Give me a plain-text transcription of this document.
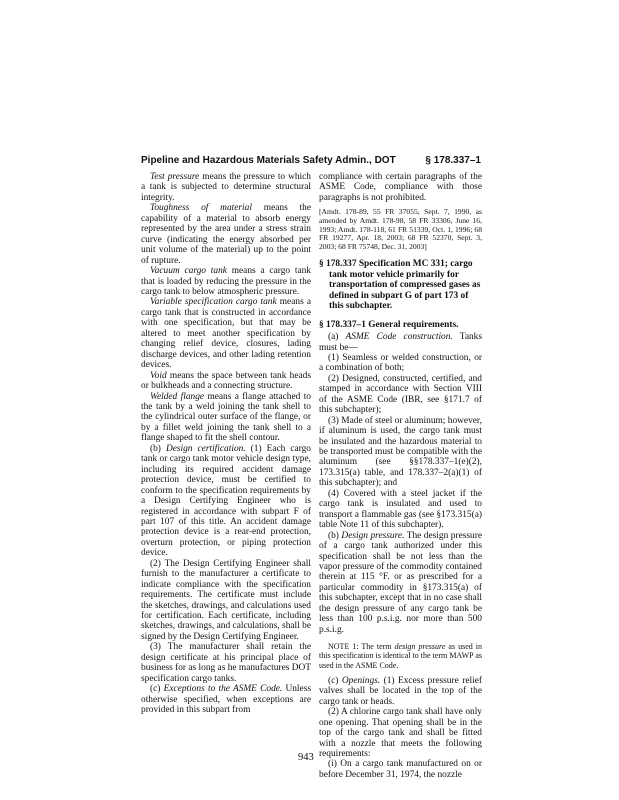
Pipeline and Hazardous Materials Safety Admin., DOT	§ 178.337–1

Test pressure means the pressure to which a tank is subjected to determine structural integrity.

Toughness of material means the capability of a material to absorb energy represented by the area under a stress strain curve (indicating the energy absorbed per unit volume of the material) up to the point of rupture.

Vacuum cargo tank means a cargo tank that is loaded by reducing the pressure in the cargo tank to below atmospheric pressure.

Variable specification cargo tank means a cargo tank that is constructed in accordance with one specification, but that may be altered to meet another specification by changing relief device, closures, lading discharge devices, and other lading retention devices.

Void means the space between tank heads or bulkheads and a connecting structure.

Welded flange means a flange attached to the tank by a weld joining the tank shell to the cylindrical outer surface of the flange, or by a fillet weld joining the tank shell to a flange shaped to fit the shell contour.

(b) Design certification. (1) Each cargo tank or cargo tank motor vehicle design type, including its required accident damage protection device, must be certified to conform to the specification requirements by a Design Certifying Engineer who is registered in accordance with subpart F of part 107 of this title. An accident damage protection device is a rear-end protection, overturn protection, or piping protection device.

(2) The Design Certifying Engineer shall furnish to the manufacturer a certificate to indicate compliance with the specification requirements. The certificate must include the sketches, drawings, and calculations used for certification. Each certificate, including sketches, drawings, and calculations, shall be signed by the Design Certifying Engineer.

(3) The manufacturer shall retain the design certificate at his principal place of business for as long as he manufactures DOT specification cargo tanks.

(c) Exceptions to the ASME Code. Unless otherwise specified, when exceptions are provided in this subpart from

compliance with certain paragraphs of the ASME Code, compliance with those paragraphs is not prohibited.

[Amdt. 178-89, 55 FR 37055, Sept. 7, 1990, as amended by Amdt. 178-98, 58 FR 33306, June 16, 1993; Amdt. 178-118, 61 FR 51339, Oct. 1, 1996; 68 FR 19277, Apr. 18, 2003; 68 FR 52370, Sept. 3, 2003; 68 FR 75748, Dec. 31, 2003]

§ 178.337 Specification MC 331; cargo tank motor vehicle primarily for transportation of compressed gases as defined in subpart G of part 173 of this subchapter.

§ 178.337–1 General requirements.

(a) ASME Code construction. Tanks must be—

(1) Seamless or welded construction, or a combination of both;

(2) Designed, constructed, certified, and stamped in accordance with Section VIII of the ASME Code (IBR, see §171.7 of this subchapter);

(3) Made of steel or aluminum; however, if aluminum is used, the cargo tank must be insulated and the hazardous material to be transported must be compatible with the aluminum (see §§178.337–1(e)(2), 173.315(a) table, and 178.337–2(a)(1) of this subchapter); and

(4) Covered with a steel jacket if the cargo tank is insulated and used to transport a flammable gas (see §173.315(a) table Note 11 of this subchapter).

(b) Design pressure. The design pressure of a cargo tank authorized under this specification shall be not less than the vapor pressure of the commodity contained therein at 115 °F. or as prescribed for a particular commodity in §173.315(a) of this subchapter, except that in no case shall the design pressure of any cargo tank be less than 100 p.s.i.g. nor more than 500 p.s.i.g.

NOTE 1: The term design pressure as used in this specification is identical to the term MAWP as used in the ASME Code.

(c) Openings. (1) Excess pressure relief valves shall be located in the top of the cargo tank or heads.

(2) A chlorine cargo tank shall have only one opening. That opening shall be in the top of the cargo tank and shall be fitted with a nozzle that meets the following requirements:

(i) On a cargo tank manufactured on or before December 31, 1974, the nozzle

943
